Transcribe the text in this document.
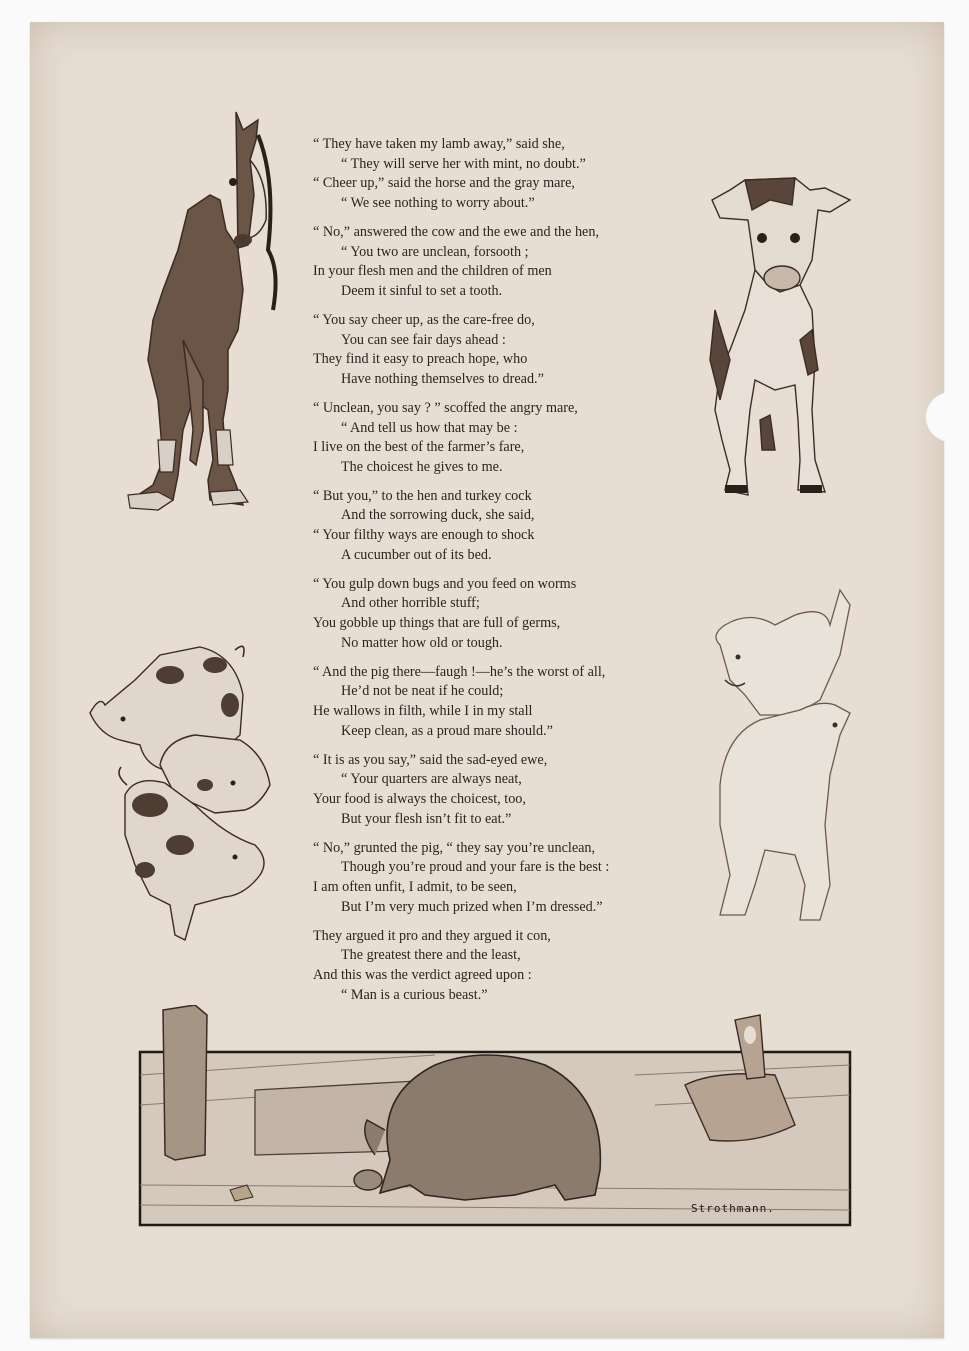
“ They have taken my lamb away,” said she,
“ They will serve her with mint, no doubt.”
“ Cheer up,” said the horse and the gray mare,
“ We see nothing to worry about.”
“ No,” answered the cow and the ewe and the hen,
“ You two are unclean, forsooth ;
In your flesh men and the children of men
Deem it sinful to set a tooth.
“ You say cheer up, as the care-free do,
You can see fair days ahead :
They find it easy to preach hope, who
Have nothing themselves to dread.”
“ Unclean, you say ? ” scoffed the angry mare,
“ And tell us how that may be :
I live on the best of the farmer’s fare,
The choicest he gives to me.
“ But you,” to the hen and turkey cock
And the sorrowing duck, she said,
“ Your filthy ways are enough to shock
A cucumber out of its bed.
“ You gulp down bugs and you feed on worms
And other horrible stuff;
You gobble up things that are full of germs,
No matter how old or tough.
“ And the pig there—faugh !—he’s the worst of all,
He’d not be neat if he could;
He wallows in filth, while I in my stall
Keep clean, as a proud mare should.”
“ It is as you say,” said the sad-eyed ewe,
“ Your quarters are always neat,
Your food is always the choicest, too,
But your flesh isn’t fit to eat.”
“ No,” grunted the pig, “ they say you’re unclean,
Though you’re proud and your fare is the best :
I am often unfit, I admit, to be seen,
But I’m very much prized when I’m dressed.”
They argued it pro and they argued it con,
The greatest there and the least,
And this was the verdict agreed upon :
“ Man is a curious beast.”
Strothmann.
